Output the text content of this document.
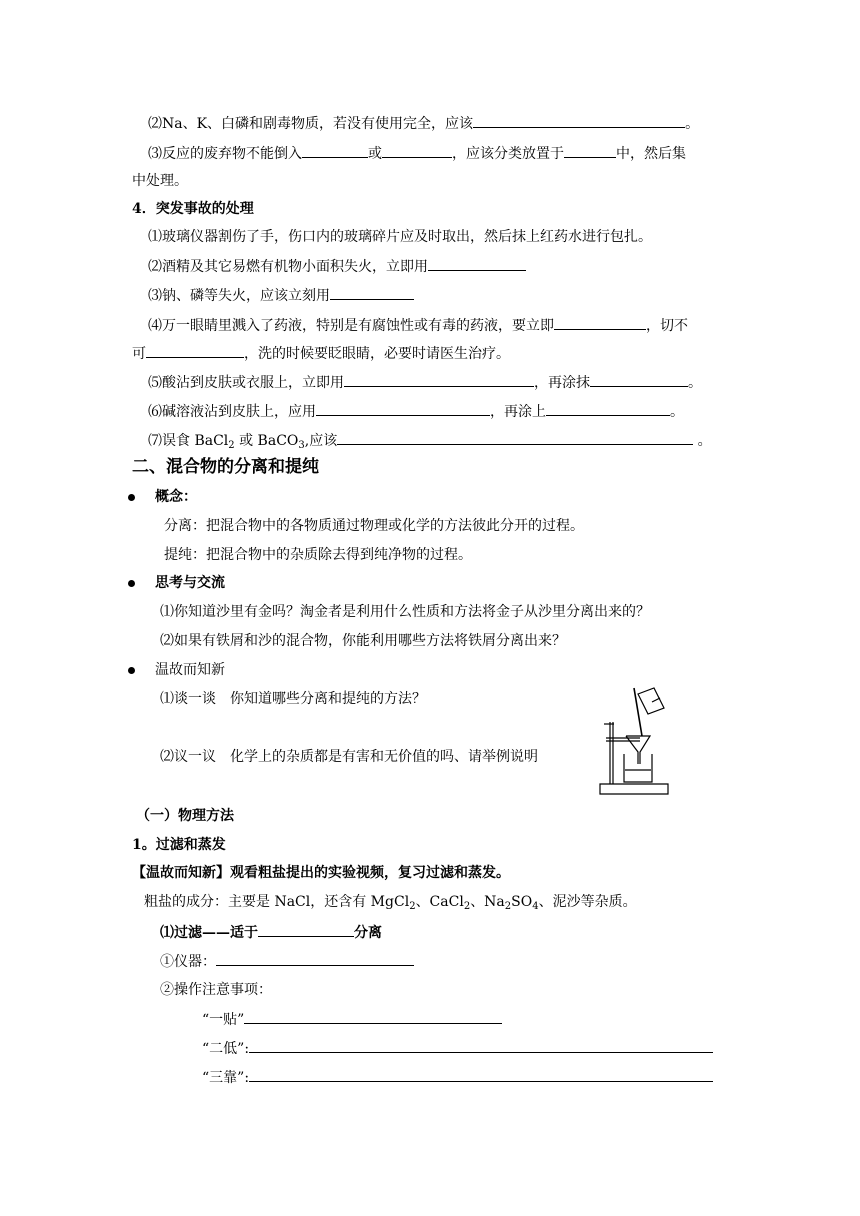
⑵Na、K、白磷和剧毒物质，若没有使用完全，应该	。
⑶反应的废弃物不能倒入	或	，应该分类放置于	中，然后集
中处理。
4．突发事故的处理
⑴玻璃仪器割伤了手，伤口内的玻璃碎片应及时取出，然后抹上红药水进行包扎。
⑵酒精及其它易燃有机物小面积失火，立即用
⑶钠、磷等失火，应该立刻用
⑷万一眼睛里溅入了药液，特别是有腐蚀性或有毒的药液，要立即	，切不
可	，洗的时候要眨眼睛，必要时请医生治疗。
⑸酸沾到皮肤或衣服上，立即用	，再涂抹	。
⑹碱溶液沾到皮肤上，应用	，再涂上	。
⑺误食 BaCl$_2$ 或 BaCO$_3$,应该	。
二、混合物的分离和提纯
概念：
分离：把混合物中的各物质通过物理或化学的方法彼此分开的过程。
提纯：把混合物中的杂质除去得到纯净物的过程。
思考与交流
⑴你知道沙里有金吗？淘金者是利用什么性质和方法将金子从沙里分离出来的？
⑵如果有铁屑和沙的混合物，你能利用哪些方法将铁屑分离出来？
温故而知新
⑴谈一谈　你知道哪些分离和提纯的方法？
⑵议一议　化学上的杂质都是有害和无价值的吗、请举例说明
（一）物理方法
1。过滤和蒸发
【温故而知新】观看粗盐提出的实验视频，复习过滤和蒸发。
粗盐的成分：主要是 NaCl，还含有 MgCl$_2$、CaCl$_2$、$Na_2SO_4$、泥沙等杂质。
⑴过滤——适于	分离
①仪器：
②操作注意事项：
“一贴”
“二低”:
“三靠”:
